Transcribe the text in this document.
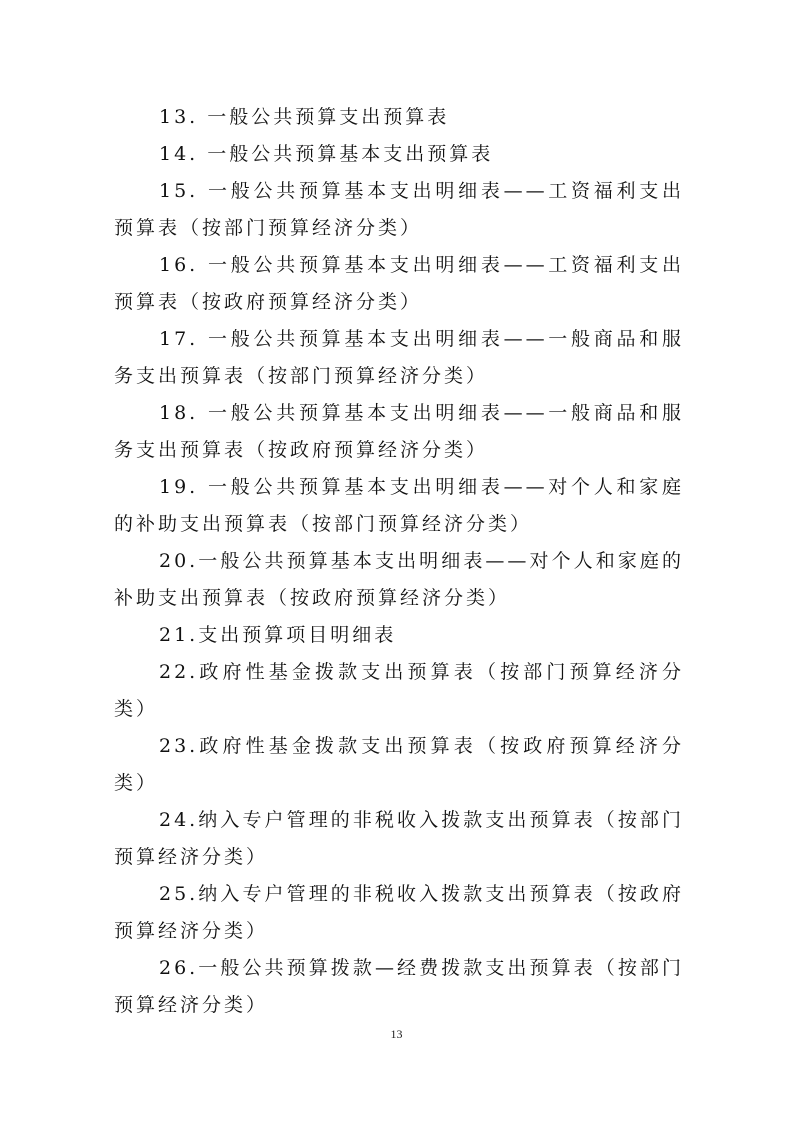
13. 一般公共预算支出预算表

14. 一般公共预算基本支出预算表

15. 一般公共预算基本支出明细表——工资福利支出预算表（按部门预算经济分类）

16. 一般公共预算基本支出明细表——工资福利支出预算表（按政府预算经济分类）

17. 一般公共预算基本支出明细表——一般商品和服务支出预算表（按部门预算经济分类）

18. 一般公共预算基本支出明细表——一般商品和服务支出预算表（按政府预算经济分类）

19. 一般公共预算基本支出明细表——对个人和家庭的补助支出预算表（按部门预算经济分类）

20.一般公共预算基本支出明细表——对个人和家庭的补助支出预算表（按政府预算经济分类）

21.支出预算项目明细表

22.政府性基金拨款支出预算表（按部门预算经济分类）

23.政府性基金拨款支出预算表（按政府预算经济分类）

24.纳入专户管理的非税收入拨款支出预算表（按部门预算经济分类）

25.纳入专户管理的非税收入拨款支出预算表（按政府预算经济分类）

26.一般公共预算拨款—经费拨款支出预算表（按部门预算经济分类）

13
